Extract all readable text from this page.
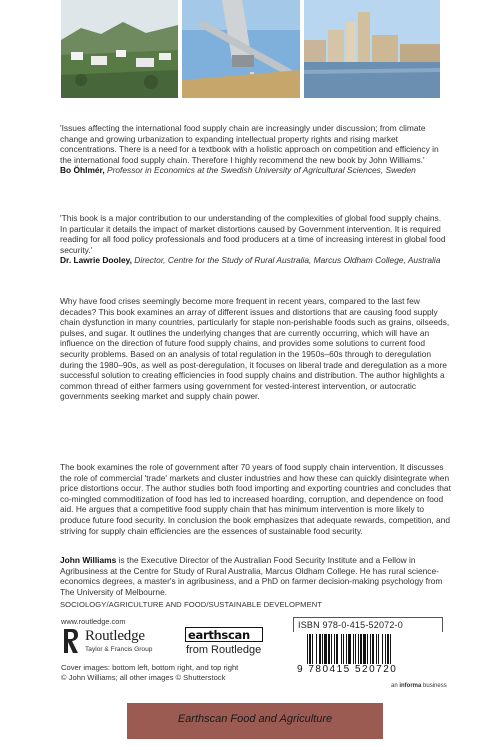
'Issues affecting the international food supply chain are increasingly under discussion; from climate change and growing urbanization to expanding intellectual property rights and rising market concentrations. There is a need for a textbook with a holistic approach on competition and efficiency in the international food supply chain. Therefore I highly recommend the new book by John Williams.'
Bo Öhlmér, Professor in Economics at the Swedish University of Agricultural Sciences, Sweden
'This book is a major contribution to our understanding of the complexities of global food supply chains. In particular it details the impact of market distortions caused by Government intervention. It is required reading for all food policy professionals and food producers at a time of increasing interest in global food security.'
Dr. Lawrie Dooley, Director, Centre for the Study of Rural Australia, Marcus Oldham College, Australia
Why have food crises seemingly become more frequent in recent years, compared to the last few decades? This book examines an array of different issues and distortions that are causing food supply chain dysfunction in many countries, particularly for staple non-perishable foods such as grains, oilseeds, pulses, and sugar. It outlines the underlying changes that are currently occurring, which will have an influence on the direction of future food supply chains, and provides some solutions to current food security problems. Based on an analysis of total regulation in the 1950s–60s through to deregulation during the 1980–90s, as well as post-deregulation, it focuses on liberal trade and deregulation as a more successful solution to creating efficiencies in food supply chains and distribution. The author highlights a common thread of either farmers using government for vested-interest intervention, or autocratic governments seeking market and supply chain power.
The book examines the role of government after 70 years of food supply chain intervention. It discusses the role of commercial 'trade' markets and cluster industries and how these can quickly disintegrate when price distortions occur. The author studies both food importing and exporting countries and concludes that co-mingled commoditization of food has led to increased hoarding, corruption, and dependence on food aid. He argues that a competitive food supply chain that has minimum intervention is more likely to produce future food security. In conclusion the book emphasizes that adequate rewards, competition, and striving for supply chain efficiencies are the essences of sustainable food security.
John Williams is the Executive Director of the Australian Food Security Institute and a Fellow in Agribusiness at the Centre for Study of Rural Australia, Marcus Oldham College. He has rural science-economics degrees, a master's in agribusiness, and a PhD on farmer decision-making psychology from The University of Melbourne.
SOCIOLOGY/AGRICULTURE AND FOOD/SUSTAINABLE DEVELOPMENT
www.routledge.com
Routledge
Taylor & Francis Group
earthscan
from Routledge
Cover images: bottom left, bottom right, and top right
© John Williams; all other images © Shutterstock
ISBN 978-0-415-52072-0
9 780415 520720
an informa business
Earthscan Food and Agriculture
